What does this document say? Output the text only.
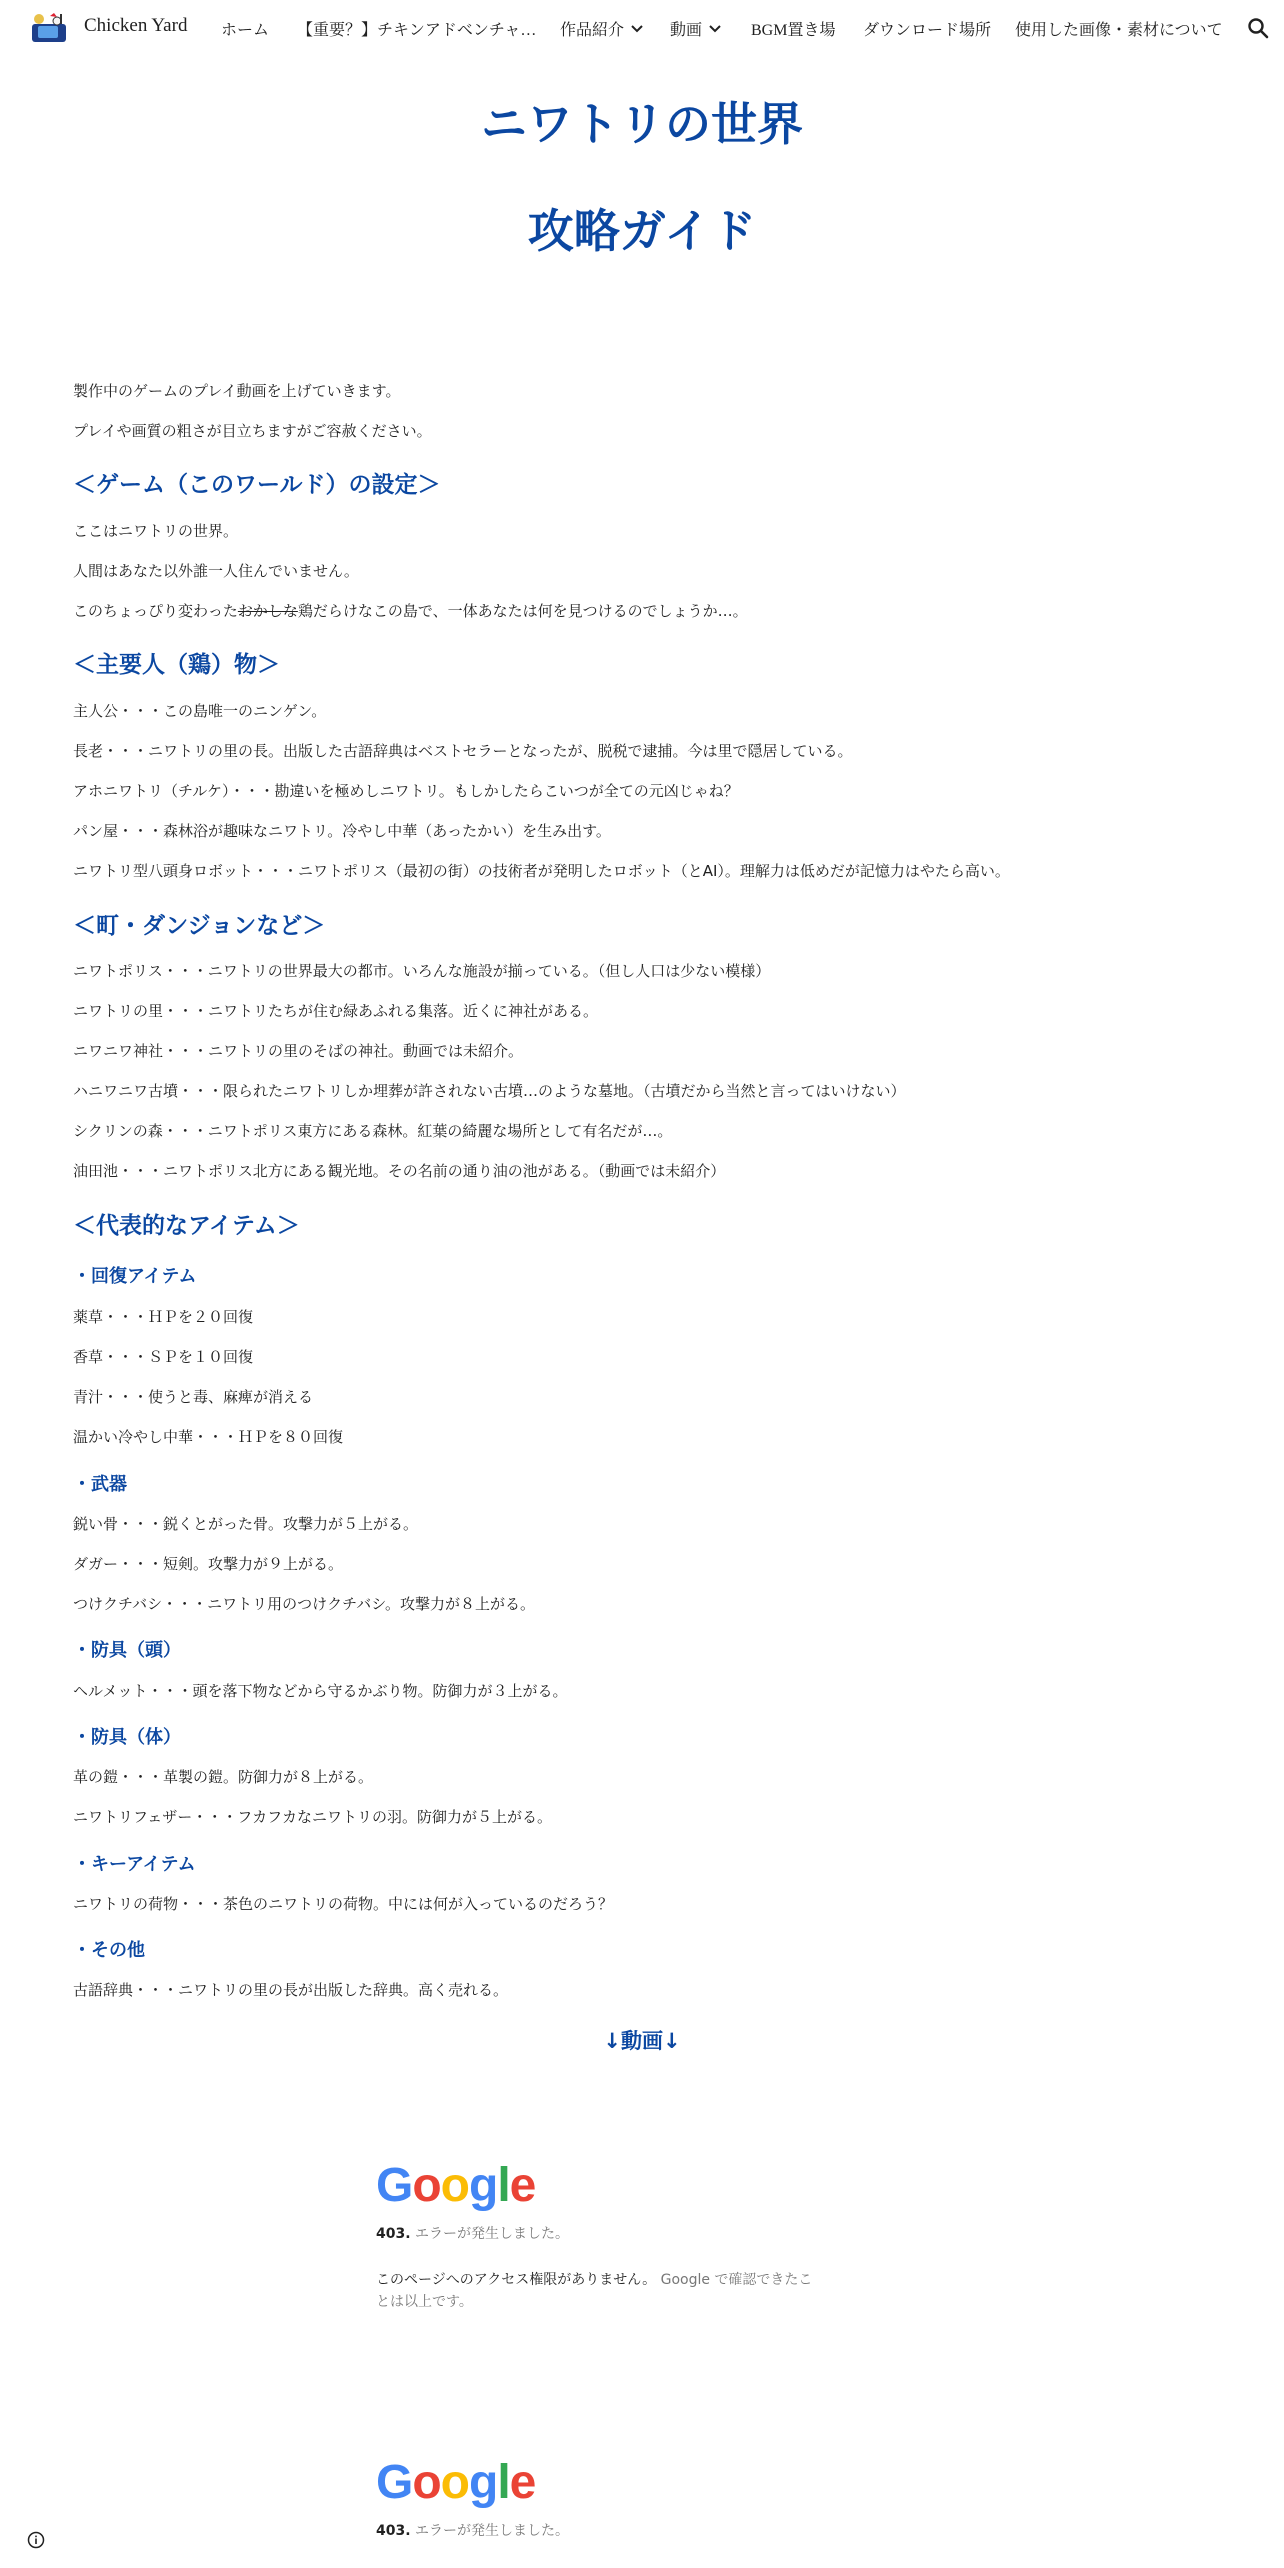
Chicken Yard ホーム 【重要？】チキンアドベンチャ… 作品紹介	動画	BGM置き場 ダウンロード場所 使用した画像・素材について
ニワトリの世界
攻略ガイド
製作中のゲームのプレイ動画を上げていきます。
プレイや画質の粗さが目立ちますがご容赦ください。
＜ゲーム（このワールド）の設定＞
ここはニワトリの世界。
人間はあなた以外誰一人住んでいません。
このちょっぴり変わったおかしな鶏だらけなこの島で、一体あなたは何を見つけるのでしょうか…。
＜主要人（鶏）物＞
主人公・・・この島唯一のニンゲン。
長老・・・ニワトリの里の長。出版した古語辞典はベストセラーとなったが、脱税で逮捕。今は里で隠居している。
アホニワトリ（チルケ）・・・勘違いを極めしニワトリ。もしかしたらこいつが全ての元凶じゃね？
パン屋・・・森林浴が趣味なニワトリ。冷やし中華（あったかい）を生み出す。
ニワトリ型八頭身ロボット・・・ニワトポリス（最初の街）の技術者が発明したロボット（とAI）。理解力は低めだが記憶力はやたら高い。
＜町・ダンジョンなど＞
ニワトポリス・・・ニワトリの世界最大の都市。いろんな施設が揃っている。（但し人口は少ない模様）
ニワトリの里・・・ニワトリたちが住む緑あふれる集落。近くに神社がある。
ニワニワ神社・・・ニワトリの里のそばの神社。動画では未紹介。
ハニワニワ古墳・・・限られたニワトリしか埋葬が許されない古墳…のような墓地。（古墳だから当然と言ってはいけない）
シクリンの森・・・ニワトポリス東方にある森林。紅葉の綺麗な場所として有名だが…。
油田池・・・ニワトポリス北方にある観光地。その名前の通り油の池がある。（動画では未紹介）
＜代表的なアイテム＞
・回復アイテム
薬草・・・ＨＰを２０回復
香草・・・ＳＰを１０回復
青汁・・・使うと毒、麻痺が消える
温かい冷やし中華・・・ＨＰを８０回復
・武器
鋭い骨・・・鋭くとがった骨。攻撃力が５上がる。
ダガー・・・短剣。攻撃力が９上がる。
つけクチバシ・・・ニワトリ用のつけクチバシ。攻撃力が８上がる。
・防具（頭）
ヘルメット・・・頭を落下物などから守るかぶり物。防御力が３上がる。
・防具（体）
革の鎧・・・革製の鎧。防御力が８上がる。
ニワトリフェザー・・・フカフカなニワトリの羽。防御力が５上がる。
・キーアイテム
ニワトリの荷物・・・茶色のニワトリの荷物。中には何が入っているのだろう？
・その他
古語辞典・・・ニワトリの里の長が出版した辞典。高く売れる。
↓動画↓
Google
403. エラーが発生しました。
このページへのアクセス権限がありません。 Google で確認できたことは以上です。
Google
403. エラーが発生しました。
